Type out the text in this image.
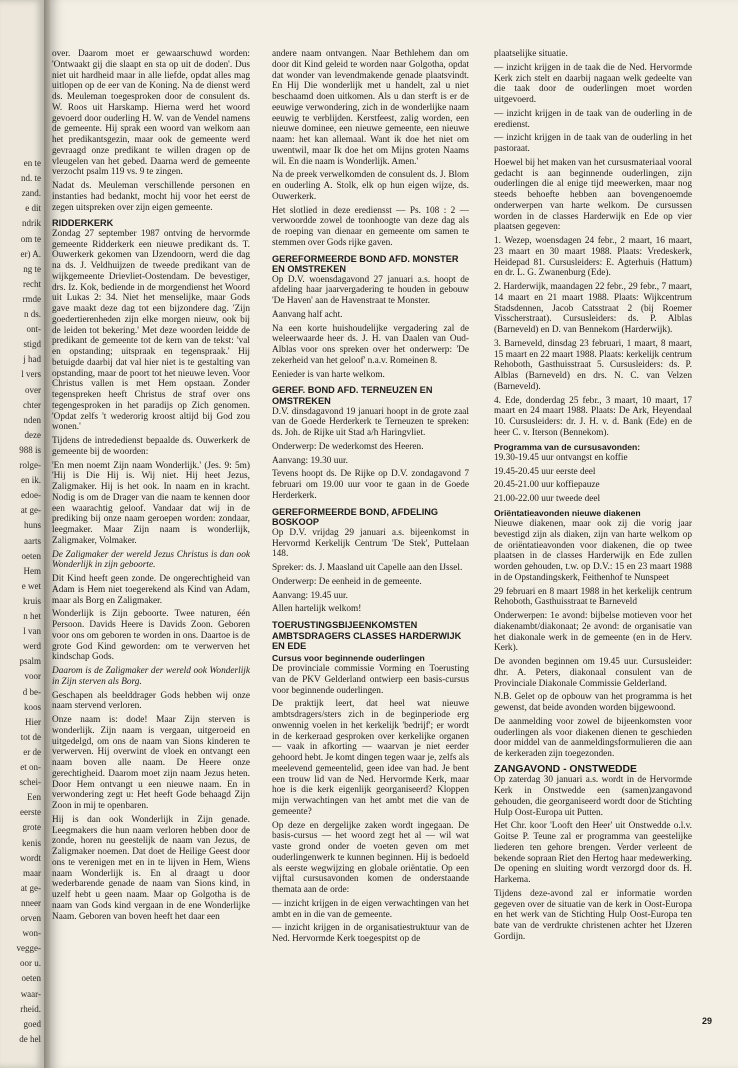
en te
nd. te
zand.
e dit
ndrik
om te
er) A.
ng te
recht
rmde
n ds.
ont-
stigd
j had
l vers
over
chter
nden
deze
988 is
rolge-
en ik.
edoe-
at ge-
huns
aarts
oeten
Hem
e wet
kruis
n het
l van
werd
psalm
voor
d be-
koos
Hier
tot de
er de
et on-
schei-
Een
eerste
grote
kenis
wordt
maar
at ge-
nneer
orven
won-
vegge-
oor u.
oeten
waar-
rheid.
goed
de hel

over. Daarom moet er gewaarschuwd worden: 'Ontwaakt gij die slaapt en sta op uit de doden'. Dus niet uit hardheid maar in alle liefde, opdat alles mag uitlopen op de eer van de Koning. Na de dienst werd ds. Meuleman toegesproken door de consulent ds. W. Roos uit Harskamp. Hierna werd het woord gevoerd door ouderling H. W. van de Vendel namens de gemeente. Hij sprak een woord van welkom aan het predikantsgezin, maar ook de gemeente werd gevraagd onze predikant te willen dragen op de vleugelen van het gebed. Daarna werd de gemeente verzocht psalm 119 vs. 9 te zingen.

Nadat ds. Meuleman verschillende personen en instanties had bedankt, mocht hij voor het eerst de zegen uitspreken over zijn eigen gemeente.

RIDDERKERK

Zondag 27 september 1987 ontving de hervormde gemeente Ridderkerk een nieuwe predikant ds. T. Ouwerkerk gekomen van IJzendoorn, werd die dag na ds. J. Veldhuijzen de tweede predikant van de wijkgemeente Drievliet-Oostendam. De bevestiger, drs. Iz. Kok, bediende in de morgendienst het Woord uit Lukas 2: 34. Niet het menselijke, maar Gods gave maakt deze dag tot een bijzondere dag. 'Zijn goedertierenheden zijn elke morgen nieuw, ook bij de leiden tot bekering.' Met deze woorden leidde de predikant de gemeente tot de kern van de tekst: 'val en opstanding; uitspraak en tegenspraak.' Hij betuigde daarbij dat val hier niet is te gestalting van opstanding, maar de poort tot het nieuwe leven. Voor Christus vallen is met Hem opstaan. Zonder tegenspreken heeft Christus de straf over ons tegengesproken in het paradijs op Zich genomen. 'Opdat zelfs 't wederorig kroost altijd bij God zou wonen.'

Tijdens de intrededienst bepaalde ds. Ouwerkerk de gemeente bij de woorden:

'En men noemt Zijn naam Wonderlijk.' (Jes. 9: 5m) 'Hij is Die Hij is. Wij niet. Hij heet Jezus, Zaligmaker. Hij is het ook. In naam en in kracht. Nodig is om de Drager van die naam te kennen door een waarachtig geloof. Vandaar dat wij in de prediking bij onze naam geroepen worden: zondaar, leegmaker. Maar Zijn naam is wonderlijk, Zaligmaker, Volmaker.

De Zaligmaker der wereld Jezus Christus is dan ook Wonderlijk in zijn geboorte.

Dit Kind heeft geen zonde. De ongerechtigheid van Adam is Hem niet toegerekend als Kind van Adam, maar als Borg en Zaligmaker.

Wonderlijk is Zijn geboorte. Twee naturen, één Persoon. Davids Heere is Davids Zoon. Geboren voor ons om geboren te worden in ons. Daartoe is de grote God Kind geworden: om te verwerven het kindschap Gods.

Daarom is de Zaligmaker der wereld ook Wonderlijk in Zijn sterven als Borg.

Geschapen als beelddrager Gods hebben wij onze naam stervend verloren.

Onze naam is: dode! Maar Zijn sterven is wonderlijk. Zijn naam is vergaan, uitgeroeid en uitgedelgd, om ons de naam van Sions kinderen te verwerven. Hij overwint de vloek en ontvangt een naam boven alle naam. De Heere onze gerechtigheid. Daarom moet zijn naam Jezus heten. Door Hem ontvangt u een nieuwe naam. En in verwondering zegt u: Het heeft Gode behaagd Zijn Zoon in mij te openbaren.

Hij is dan ook Wonderlijk in Zijn genade. Leegmakers die hun naam verloren hebben door de zonde, horen nu geestelijk de naam van Jezus, de Zaligmaker noemen. Dat doet de Heilige Geest door ons te verenigen met en in te lijven in Hem, Wiens naam Wonderlijk is. En al draagt u door wederbarende genade de naam van Sions kind, in uzelf hebt u geen naam. Maar op Golgotha is de naam van Gods kind vergaan in de ene Wonderlijke Naam. Geboren van boven heeft het daar een

andere naam ontvangen. Naar Bethlehem dan om door dit Kind geleid te worden naar Golgotha, opdat dat wonder van levendmakende genade plaatsvindt. En Hij Die wonderlijk met u handelt, zal u niet beschaamd doen uitkomen. Als u dan sterft is er de eeuwige verwondering, zich in de wonderlijke naam eeuwig te verblijden. Kerstfeest, zalig worden, een nieuwe dominee, een nieuwe gemeente, een nieuwe naam: het kan allemaal. Want ik doe het niet om uwentwil, maar Ik doe het om Mijns groten Naams wil. En die naam is Wonderlijk. Amen.'

Na de preek verwelkomden de consulent ds. J. Blom en ouderling A. Stolk, elk op hun eigen wijze, ds. Ouwerkerk.

Het slotlied in deze erediensst — Ps. 108 : 2 — verwoordde zowel de toonhoogte van deze dag als de roeping van dienaar en gemeente om samen te stemmen over Gods rijke gaven.

GEREFORMEERDE BOND AFD. MONSTER EN OMSTREKEN

Op D.V. woensdagavond 27 januari a.s. hoopt de afdeling haar jaarvergadering te houden in gebouw 'De Haven' aan de Havenstraat te Monster.

Aanvang half acht.

Na een korte huishoudelijke vergadering zal de weleerwaarde heer ds. J. H. van Daalen van Oud-Alblas voor ons spreken over het onderwerp: 'De zekerheid van het geloof' n.a.v. Romeinen 8.

Eenieder is van harte welkom.

GEREF. BOND AFD. TERNEUZEN EN OMSTREKEN

D.V. dinsdagavond 19 januari hoopt in de grote zaal van de Goede Herderkerk te Terneuzen te spreken: ds. Joh. de Rijke uit Stad a/h Haringvliet.

Onderwerp: De wederkomst des Heeren.

Aanvang: 19.30 uur.

Tevens hoopt ds. De Rijke op D.V. zondagavond 7 februari om 19.00 uur voor te gaan in de Goede Herderkerk.

GEREFORMEERDE BOND, AFDELING BOSKOOP

Op D.V. vrijdag 29 januari a.s. bijeenkomst in Hervormd Kerkelijk Centrum 'De Stek', Puttelaan 148.

Spreker: ds. J. Maasland uit Capelle aan den IJssel.

Onderwerp: De eenheid in de gemeente.

Aanvang: 19.45 uur.

Allen hartelijk welkom!

TOERUSTINGSBIJEENKOMSTEN AMBTSDRAGERS CLASSES HARDERWIJK EN EDE
Cursus voor beginnende ouderlingen

De provinciale commissie Vorming en Toerusting van de PKV Gelderland ontwierp een basis-cursus voor beginnende ouderlingen.

De praktijk leert, dat heel wat nieuwe ambtsdragers/sters zich in de beginperiode erg onwennig voelen in het kerkelijk 'bedrijf'; er wordt in de kerkeraad gesproken over kerkelijke organen — vaak in afkorting — waarvan je niet eerder gehoord hebt. Je komt dingen tegen waar je, zelfs als meelevend gemeentelid, geen idee van had. Je bent een trouw lid van de Ned. Hervormde Kerk, maar hoe is die kerk eigenlijk georganiseerd? Kloppen mijn verwachtingen van het ambt met die van de gemeente?

Op deze en dergelijke zaken wordt ingegaan. De basis-cursus — het woord zegt het al — wil wat vaste grond onder de voeten geven om met ouderlingenwerk te kunnen beginnen. Hij is bedoeld als eerste wegwijzing en globale oriëntatie. Op een vijftal cursusavonden komen de onderstaande themata aan de orde:

— inzicht krijgen in de eigen verwachtingen van het ambt en in die van de gemeente.

— inzicht krijgen in de organisatiestruktuur van de Ned. Hervormde Kerk toegespitst op de

plaatselijke situatie.

— inzicht krijgen in de taak die de Ned. Hervormde Kerk zich stelt en daarbij nagaan welk gedeelte van die taak door de ouderlingen moet worden uitgevoerd.

— inzicht krijgen in de taak van de ouderling in de eredienst.

— inzicht krijgen in de taak van de ouderling in het pastoraat.

Hoewel bij het maken van het cursusmateriaal vooral gedacht is aan beginnende ouderlingen, zijn ouderlingen die al enige tijd meewerken, maar nog steeds behoefte hebben aan bovengenoemde onderwerpen van harte welkom. De cursussen worden in de classes Harderwijk en Ede op vier plaatsen gegeven:

1. Wezep, woensdagen 24 febr., 2 maart, 16 maart, 23 maart en 30 maart 1988. Plaats: Vredeskerk, Heidepad 81. Cursusleiders: E. Agterhuis (Hattum) en dr. L. G. Zwanenburg (Ede).

2. Harderwijk, maandagen 22 febr., 29 febr., 7 maart, 14 maart en 21 maart 1988. Plaats: Wijkcentrum Stadsdennen, Jacob Catsstraat 2 (bij Roemer Visscherstraat). Cursusleiders: ds. P. Alblas (Barneveld) en D. van Bennekom (Harderwijk).

3. Barneveld, dinsdag 23 februari, 1 maart, 8 maart, 15 maart en 22 maart 1988. Plaats: kerkelijk centrum Rehoboth, Gasthuisstraat 5. Cursusleiders: ds. P. Alblas (Barneveld) en drs. N. C. van Velzen (Barneveld).

4. Ede, donderdag 25 febr., 3 maart, 10 maart, 17 maart en 24 maart 1988. Plaats: De Ark, Heyendaal 10. Cursusleiders: dr. J. H. v. d. Bank (Ede) en de heer C. v. Iterson (Bennekom).

Programma van de cursusavonden:

19.30-19.45 uur ontvangst en koffie

19.45-20.45 uur eerste deel

20.45-21.00 uur koffiepauze

21.00-22.00 uur tweede deel

Oriëntatieavonden nieuwe diakenen

Nieuwe diakenen, maar ook zij die vorig jaar bevestigd zijn als diaken, zijn van harte welkom op de oriëntatieavonden voor diakenen, die op twee plaatsen in de classes Harderwijk en Ede zullen worden gehouden, t.w. op D.V.: 15 en 23 maart 1988 in de Opstandingskerk, Feithenhof te Nunspeet

29 februari en 8 maart 1988 in het kerkelijk centrum Rehoboth, Gasthuisstraat te Barneveld

Onderwerpen: 1e avond: bijbelse motieven voor het diakenambt/diakonaat; 2e avond: de organisatie van het diakonale werk in de gemeente (en in de Herv. Kerk).

De avonden beginnen om 19.45 uur. Cursusleider: dhr. A. Peters, diakonaal consulent van de Provinciale Diakonale Commissie Gelderland.

N.B. Gelet op de opbouw van het programma is het gewenst, dat beide avonden worden bijgewoond.

De aanmelding voor zowel de bijeenkomsten voor ouderlingen als voor diakenen dienen te geschieden door middel van de aanmeldingsformulieren die aan de kerkeraden zijn toegezonden.

ZANGAVOND - ONSTWEDDE

Op zaterdag 30 januari a.s. wordt in de Hervormde Kerk in Onstwedde een (samen)zangavond gehouden, die georganiseerd wordt door de Stichting Hulp Oost-Europa uit Putten.

Het Chr. koor 'Looft den Heer' uit Onstwedde o.l.v. Goitse P. Teune zal er programma van geestelijke liederen ten gehore brengen. Verder verleent de bekende sopraan Riet den Hertog haar medewerking. De opening en sluiting wordt verzorgd door ds. H. Harkema.

Tijdens deze-avond zal er informatie worden gegeven over de situatie van de kerk in Oost-Europa en het werk van de Stichting Hulp Oost-Europa ten bate van de verdrukte christenen achter het IJzeren Gordijn.

29
